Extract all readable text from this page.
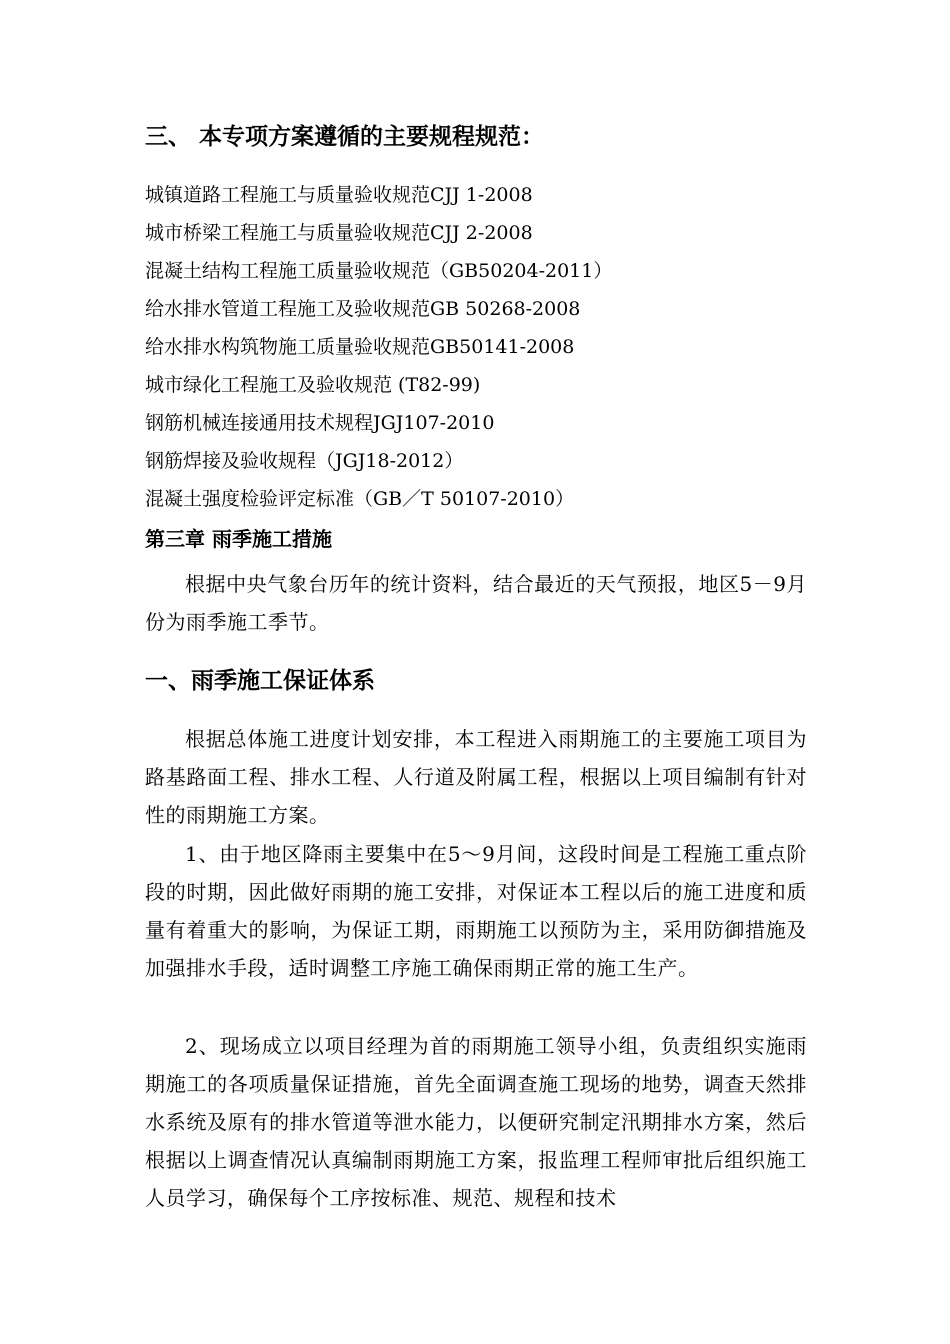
三、 本专项方案遵循的主要规程规范：
城镇道路工程施工与质量验收规范CJJ 1-2008
城市桥梁工程施工与质量验收规范CJJ 2-2008
混凝土结构工程施工质量验收规范（GB50204-2011）
给水排水管道工程施工及验收规范GB 50268-2008
给水排水构筑物施工质量验收规范GB50141-2008
城市绿化工程施工及验收规范 (T82-99)
钢筋机械连接通用技术规程JGJ107-2010
钢筋焊接及验收规程（JGJ18-2012）
混凝土强度检验评定标准（GB／T 50107-2010）
第三章 雨季施工措施

根据中央气象台历年的统计资料，结合最近的天气预报，地区5－9月份为雨季施工季节。

一、雨季施工保证体系

根据总体施工进度计划安排，本工程进入雨期施工的主要施工项目为路基路面工程、排水工程、人行道及附属工程，根据以上项目编制有针对性的雨期施工方案。

1、由于地区降雨主要集中在5～9月间，这段时间是工程施工重点阶段的时期，因此做好雨期的施工安排，对保证本工程以后的施工进度和质量有着重大的影响，为保证工期，雨期施工以预防为主，采用防御措施及加强排水手段，适时调整工序施工确保雨期正常的施工生产。

2、现场成立以项目经理为首的雨期施工领导小组，负责组织实施雨期施工的各项质量保证措施，首先全面调查施工现场的地势，调查天然排水系统及原有的排水管道等泄水能力，以便研究制定汛期排水方案，然后根据以上调查情况认真编制雨期施工方案，报监理工程师审批后组织施工人员学习，确保每个工序按标准、规范、规程和技术
